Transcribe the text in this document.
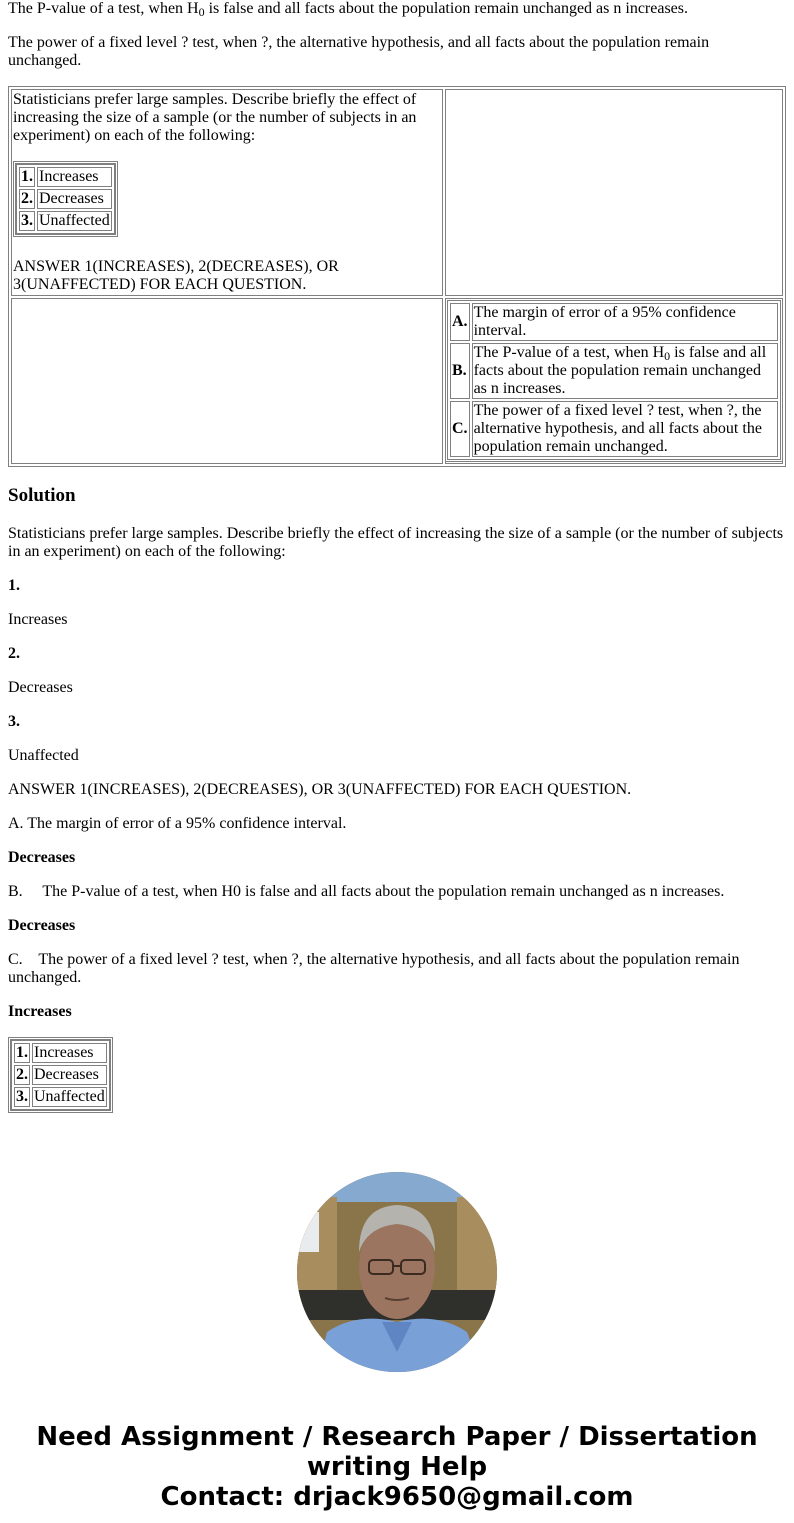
The P-value of a test, when $H_0$ is false and all facts about the population remain unchanged as n increases.

The power of a fixed level ? test, when ?, the alternative hypothesis, and all facts about the population remain unchanged.

Statisticians prefer large samples. Describe briefly the effect of increasing the size of a sample (or the number of subjects in an experiment) on each of the following:
1.	Increases
2.	Decreases
3.	Unaffected
ANSWER 1(INCREASES), 2(DECREASES), OR 3(UNAFFECTED) FOR EACH QUESTION.

A.	The margin of error of a 95% confidence interval.
B.	The P-value of a test, when $H_0$ is false and all facts about the population remain unchanged as n increases.
C.	The power of a fixed level ? test, when ?, the alternative hypothesis, and all facts about the population remain unchanged.
Solution

Statisticians prefer large samples. Describe briefly the effect of increasing the size of a sample (or the number of subjects in an experiment) on each of the following:

1.

Increases

2.

Decreases

3.

Unaffected

ANSWER 1(INCREASES), 2(DECREASES), OR 3(UNAFFECTED) FOR EACH QUESTION.

A. The margin of error of a 95% confidence interval.

Decreases

B.     The P-value of a test, when H0 is false and all facts about the population remain unchanged as n increases.

Decreases

C.    The power of a fixed level ? test, when ?, the alternative hypothesis, and all facts about the population remain unchanged.

Increases

1.	Increases
2.	Decreases
3.	Unaffected
Need Assignment / Research Paper / Dissertation writing Help
Contact: drjack9650@gmail.com
